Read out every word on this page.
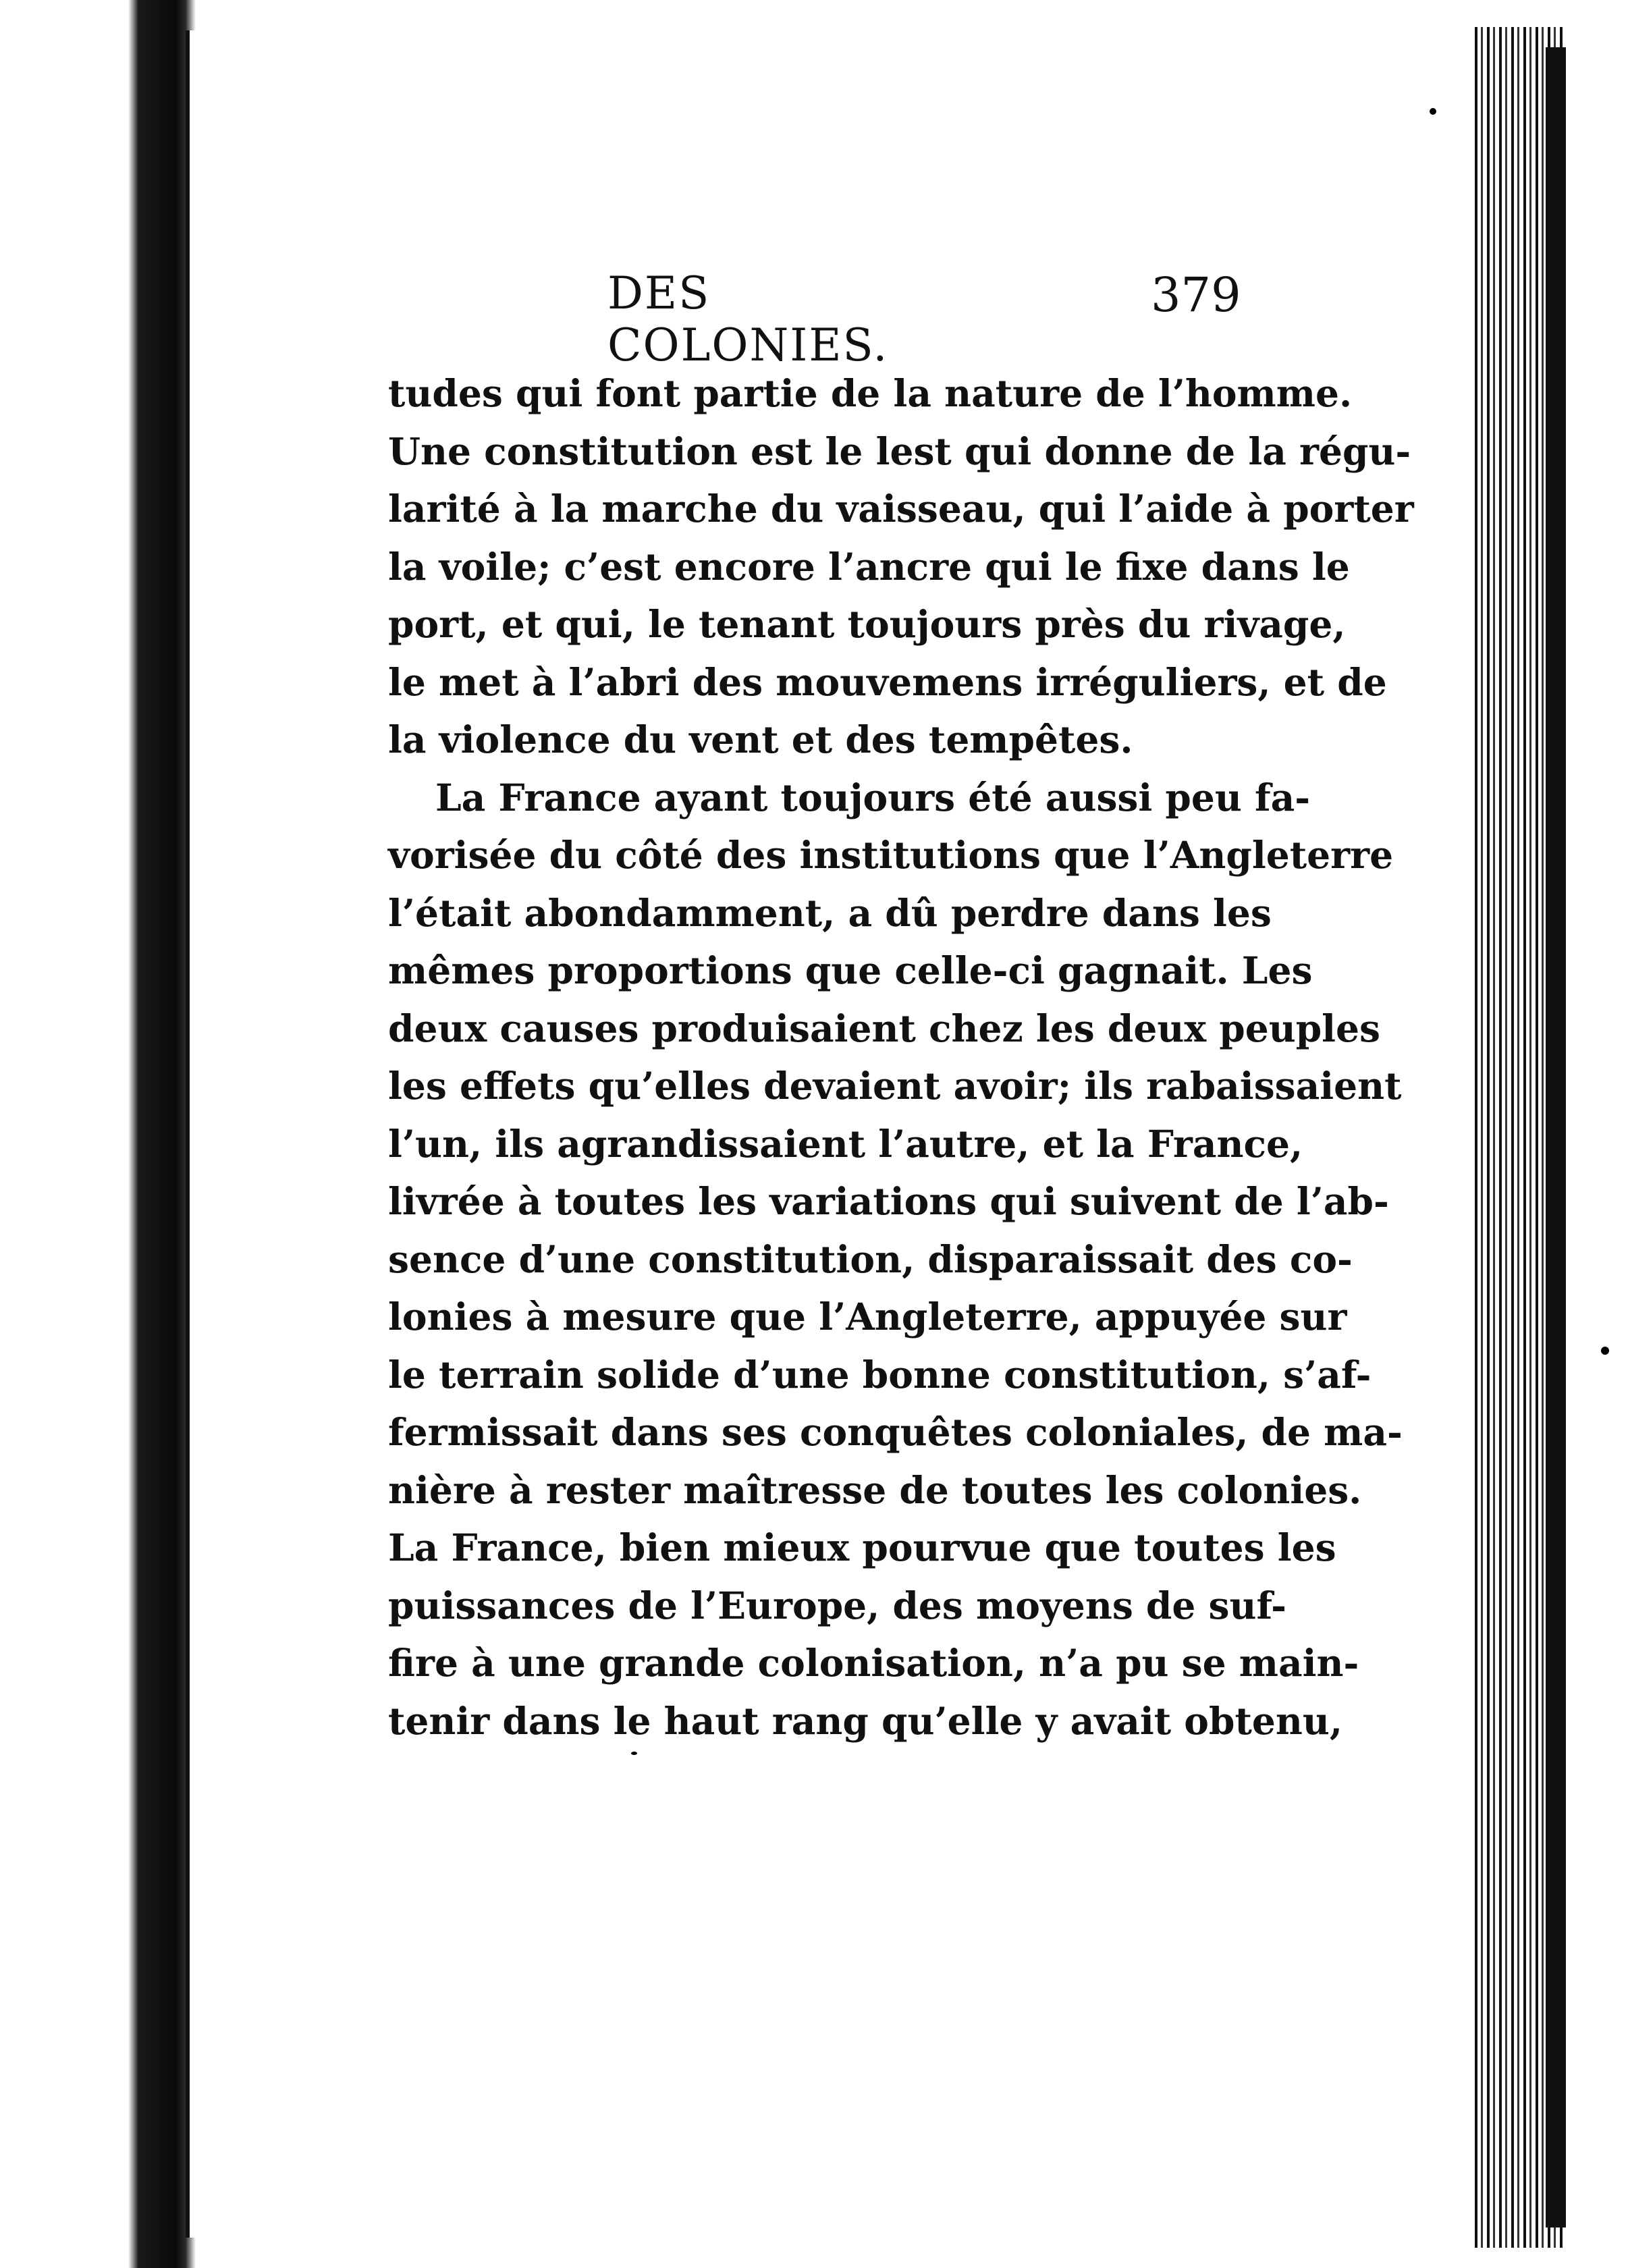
DES COLONIES.
379
tudes qui font partie de la nature de l’homme.
Une constitution est le lest qui donne de la régu-
larité à la marche du vaisseau, qui l’aide à porter
la voile; c’est encore l’ancre qui le fixe dans le
port, et qui, le tenant toujours près du rivage,
le met à l’abri des mouvemens irréguliers, et de
la violence du vent et des tempêtes.
La France ayant toujours été aussi peu fa-
vorisée du côté des institutions que l’Angleterre
l’était abondamment, a dû perdre dans les
mêmes proportions que celle-ci gagnait. Les
deux causes produisaient chez les deux peuples
les effets qu’elles devaient avoir; ils rabaissaient
l’un, ils agrandissaient l’autre, et la France,
livrée à toutes les variations qui suivent de l’ab-
sence d’une constitution, disparaissait des co-
lonies à mesure que l’Angleterre, appuyée sur
le terrain solide d’une bonne constitution, s’af-
fermissait dans ses conquêtes coloniales, de ma-
nière à rester maîtresse de toutes les colonies.
La France, bien mieux pourvue que toutes les
puissances de l’Europe, des moyens de suf-
fire à une grande colonisation, n’a pu se main-
tenir dans le haut rang qu’elle y avait obtenu,
